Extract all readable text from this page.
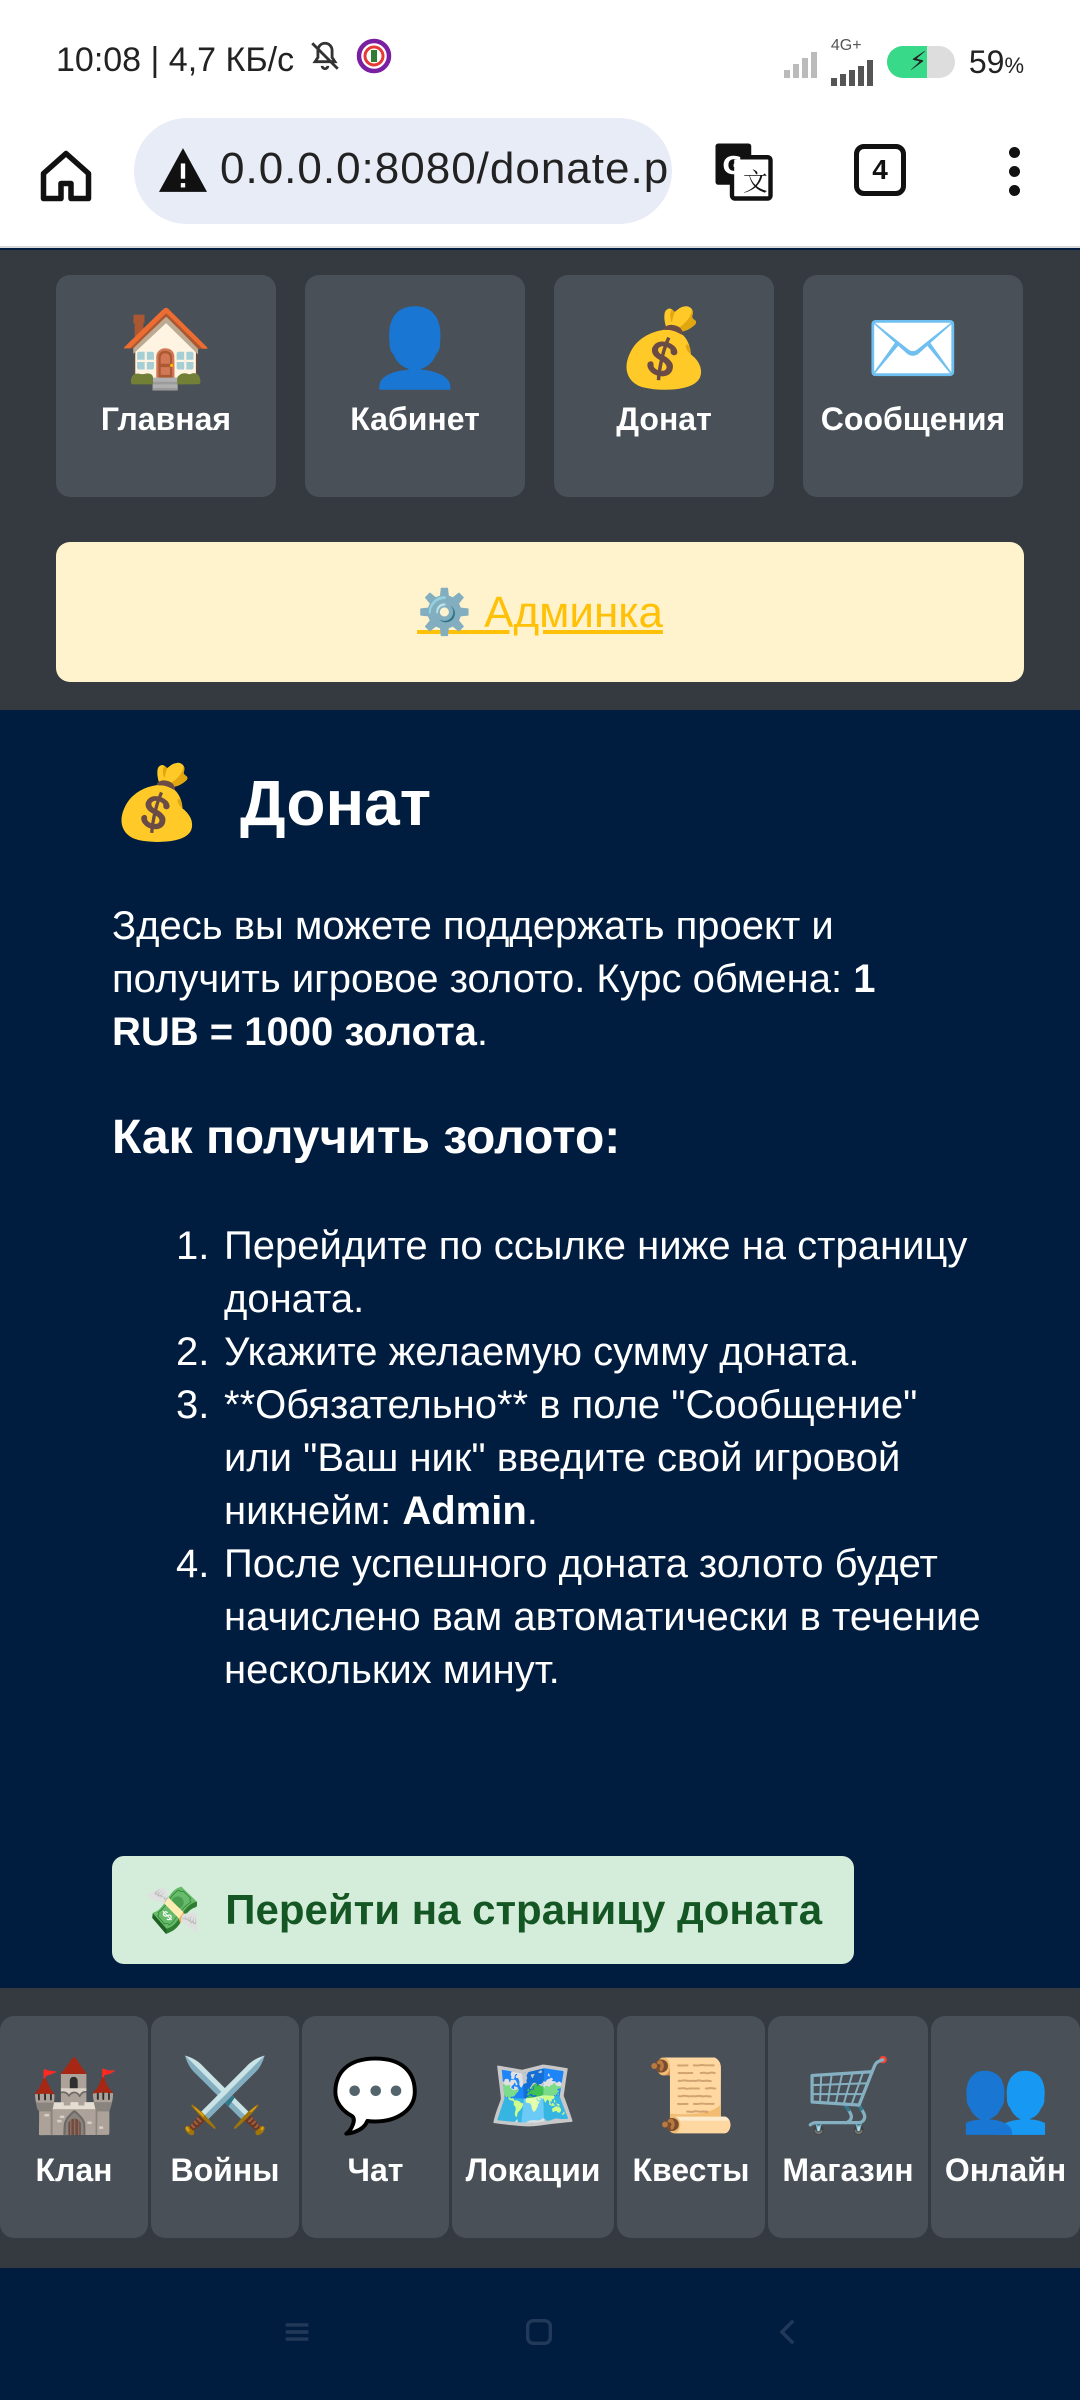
10:08 | 4,7 КБ/с	4G+
⚡ 59%
0.0.0.0:8080/donate.p	G
文	4
🏠
Главная
👤
Кабинет
💰
Донат
✉️
Сообщения
⚙️ Админка
💰 Донат

Здесь вы можете поддержать проект и получить игровое золото. Курс обмена: 1 RUB = 1000 золота.

Как получить золото:
Перейдите по ссылке ниже на страницу доната.
Укажите желаемую сумму доната.
**Обязательно** в поле "Сообщение" или "Ваш ник" введите свой игровой никнейм: Admin.
После успешного доната золото будет начислено вам автоматически в течение нескольких минут.
💸 Перейти на страницу доната
🏰
Клан
⚔️
Войны
💬
Чат
🗺️
Локации
📜
Квесты
🛒
Магазин
👥
Онлайн
